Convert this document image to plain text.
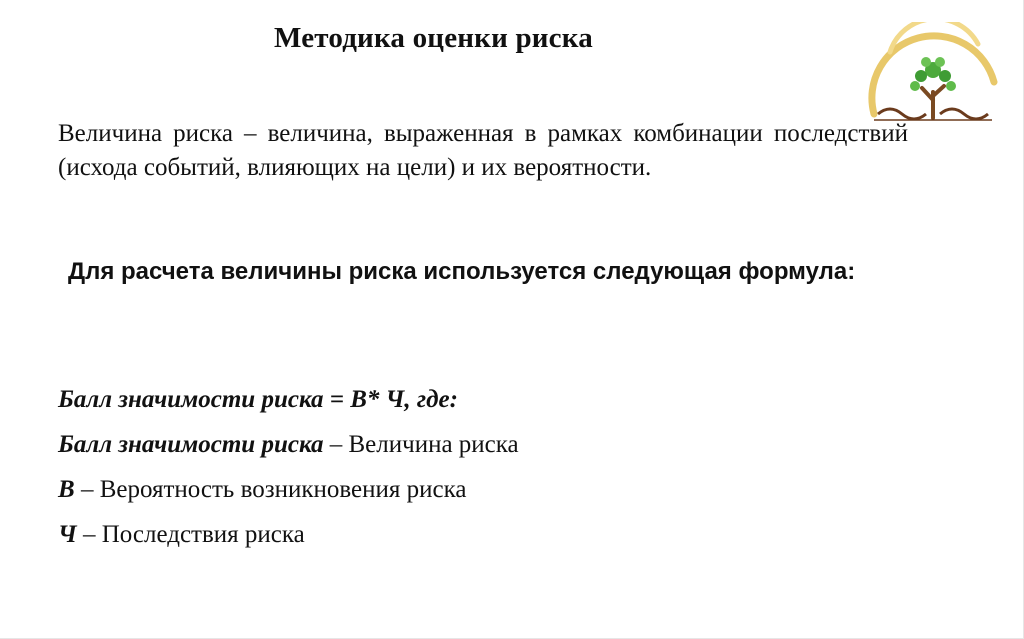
Методика оценки риска
Величина риска – величина, выраженная в рамках комбинации последствий (исхода событий, влияющих на цели) и их вероятности.
Для расчета величины риска используется следующая формула:
Балл значимости риска = В* Ч, где:
Балл значимости риска – Величина риска
В – Вероятность возникновения риска
Ч – Последствия риска
